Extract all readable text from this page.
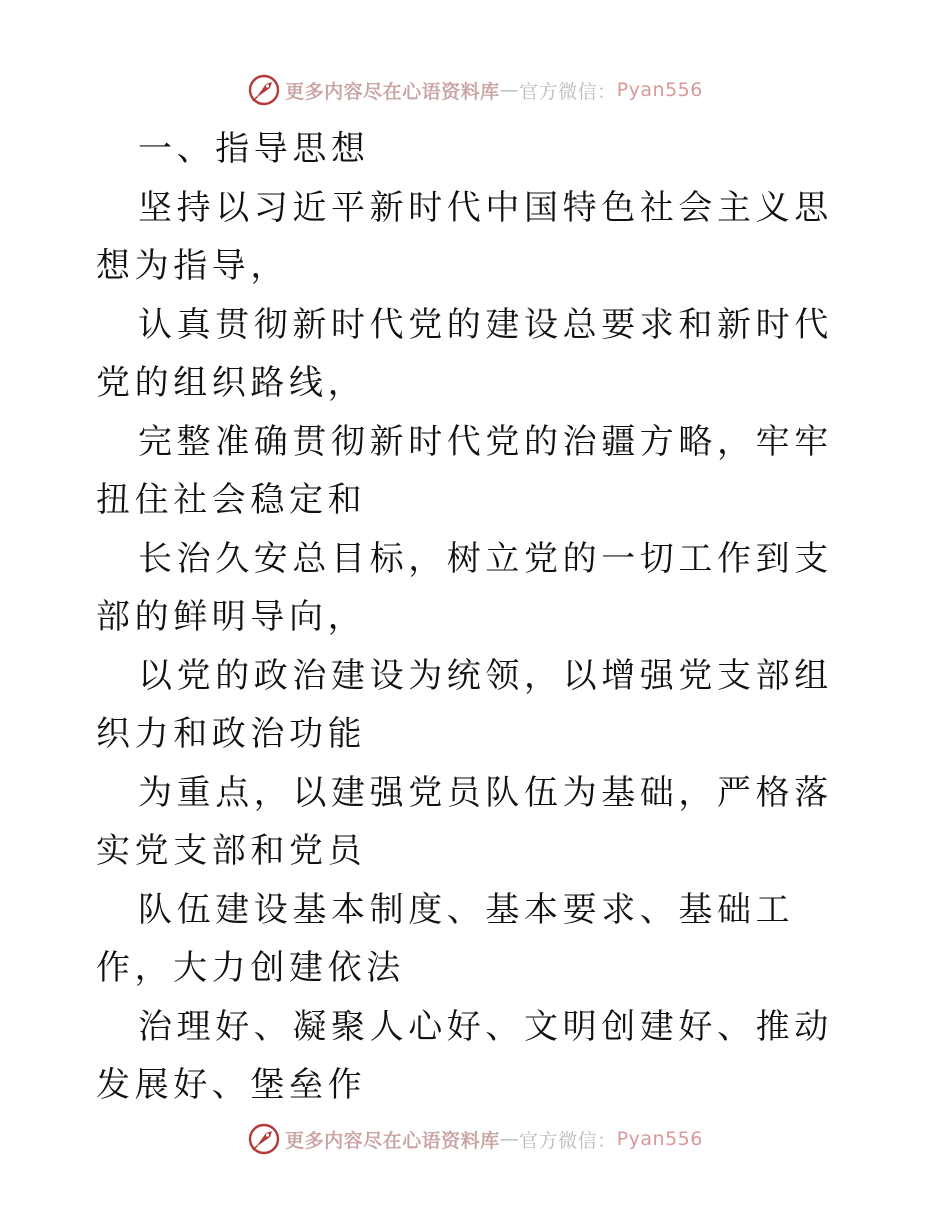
更多内容尽在心语资料库 — 官方微信： Pyan556

一、指导思想

坚持以习近平新时代中国特色社会主义思想为指导，

认真贯彻新时代党的建设总要求和新时代党的组织路线，

完整准确贯彻新时代党的治疆方略，牢牢扭住社会稳定和

长治久安总目标，树立党的一切工作到支部的鲜明导向，

以党的政治建设为统领，以增强党支部组织力和政治功能

为重点，以建强党员队伍为基础，严格落实党支部和党员

队伍建设基本制度、基本要求、基础工作，大力创建依法

治理好、凝聚人心好、文明创建好、推动发展好、堡垒作

更多内容尽在心语资料库 — 官方微信： Pyan556
